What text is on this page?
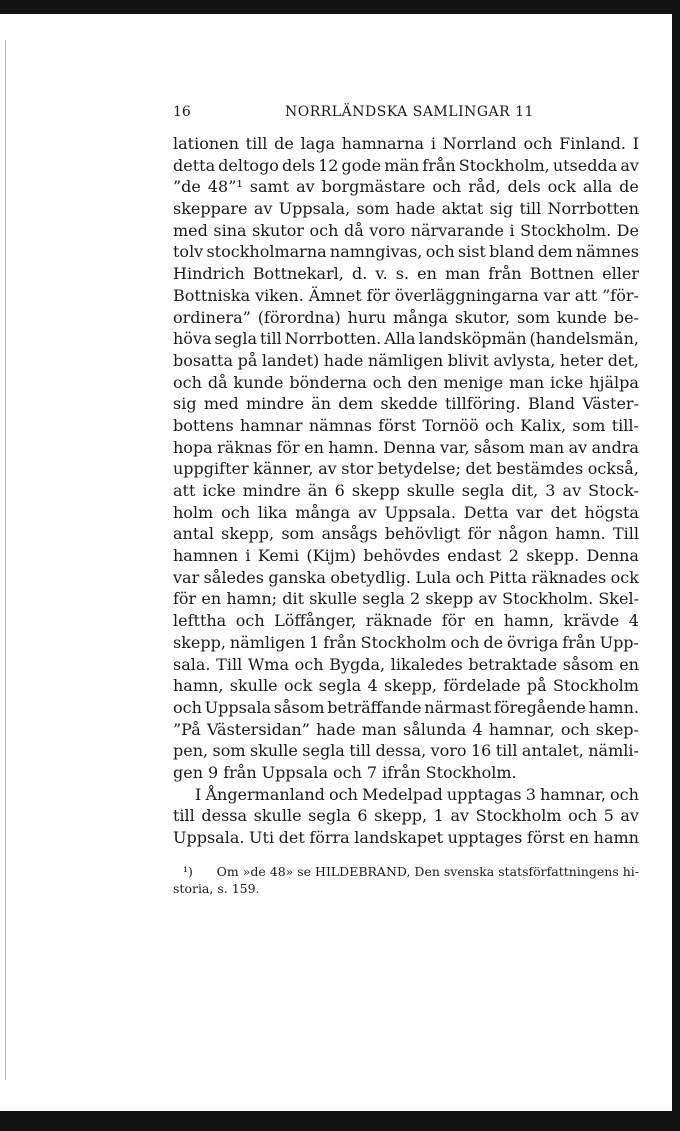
16	NORRLÄNDSKA SAMLINGAR 11
lationen till de laga hamnarna i Norrland och Finland. I
detta deltogo dels 12 gode män från Stockholm, utsedda av
”de 48”¹ samt av borgmästare och råd, dels ock alla de
skeppare av Uppsala, som hade aktat sig till Norrbotten
med sina skutor och då voro närvarande i Stockholm. De
tolv stockholmarna namngivas, och sist bland dem nämnes
Hindrich Bottnekarl, d. v. s. en man från Bottnen eller
Bottniska viken. Ämnet för överläggningarna var att ”för-
ordinera” (förordna) huru många skutor, som kunde be-
höva segla till Norrbotten. Alla landsköpmän (handelsmän,
bosatta på landet) hade nämligen blivit avlysta, heter det,
och då kunde bönderna och den menige man icke hjälpa
sig med mindre än dem skedde tillföring. Bland Väster-
bottens hamnar nämnas först Tornöö och Kalix, som till-
hopa räknas för en hamn. Denna var, såsom man av andra
uppgifter känner, av stor betydelse; det bestämdes också,
att icke mindre än 6 skepp skulle segla dit, 3 av Stock-
holm och lika många av Uppsala. Detta var det högsta
antal skepp, som ansågs behövligt för någon hamn. Till
hamnen i Kemi (Kijm) behövdes endast 2 skepp. Denna
var således ganska obetydlig. Lula och Pitta räknades ock
för en hamn; dit skulle segla 2 skepp av Stockholm. Skel-
lefttha och Löffånger, räknade för en hamn, krävde 4
skepp, nämligen 1 från Stockholm och de övriga från Upp-
sala. Till Wma och Bygda, likaledes betraktade såsom en
hamn, skulle ock segla 4 skepp, fördelade på Stockholm
och Uppsala såsom beträffande närmast föregående hamn.
”På Västersidan” hade man sålunda 4 hamnar, och skep-
pen, som skulle segla till dessa, voro 16 till antalet, nämli-
gen 9 från Uppsala och 7 ifrån Stockholm.
I Ångermanland och Medelpad upptagas 3 hamnar, och
till dessa skulle segla 6 skepp, 1 av Stockholm och 5 av
Uppsala. Uti det förra landskapet upptages först en hamn
¹) Om »de 48» se HILDEBRAND, Den svenska statsförfattningens hi-
storia, s. 159.
